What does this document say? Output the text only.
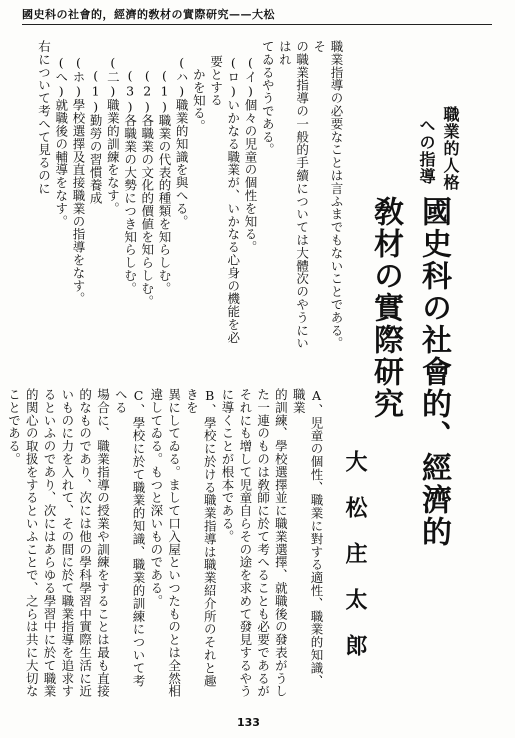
國史科の社會的，經濟的敎材の實際研究——大松
職業指導の必要なことは言ふまでもないことである。そ
の職業指導の一般的手續については大體次のやうにいはれ
てゐるやうである。
(イ)個々の児童の個性を知る。
(ロ)いかなる職業が、いかなる心身の機能を必要とする
かを知る。
(ハ)職業的知識を與へる。
(1)職業の代表的種類を知らしむ。
(2)各職業の文化的價値を知らしむ。
(3)各職業の大勢につき知らしむ。
(二)職業的訓練をなす。
(1)勤勞の習慣養成
(ホ)學校選擇及直接職業の指導をなす。
(へ)就職後の輔導をなす。
右について考へて見るのに	職業的人格
への指導
國史科の社會的、經濟的
敎材の實際研究
大松庄太郎
A、児童の個性、職業に對する適性、職業的知識、職業
的訓練、學校選擇並に職業選擇、就職後の發表がうし
た一連のものは敎師に於て考へることも必要であるが
それにも增して児童自らその途を求めて發見するやう
に導くことが根本である。
B、學校に於ける職業指導は職業紹介所のそれと趣きを
異にしてゐる。まして口入屋といつたものとは全然相
違してゐる。もつと深いものである。
C、學校に於て職業的知識、職業的訓練について考へる
場合に、職業指導の授業や訓練をすることは最も直接
的なものであり、次には他の學科學習中實際生活に近
いものに力を入れて、その間に於て職業指導を追求す
るといふのであり、次にはあらゆる學習中に於て職業
的関心の取扱をするといふことで、之らは共に大切な
ことである。
133
